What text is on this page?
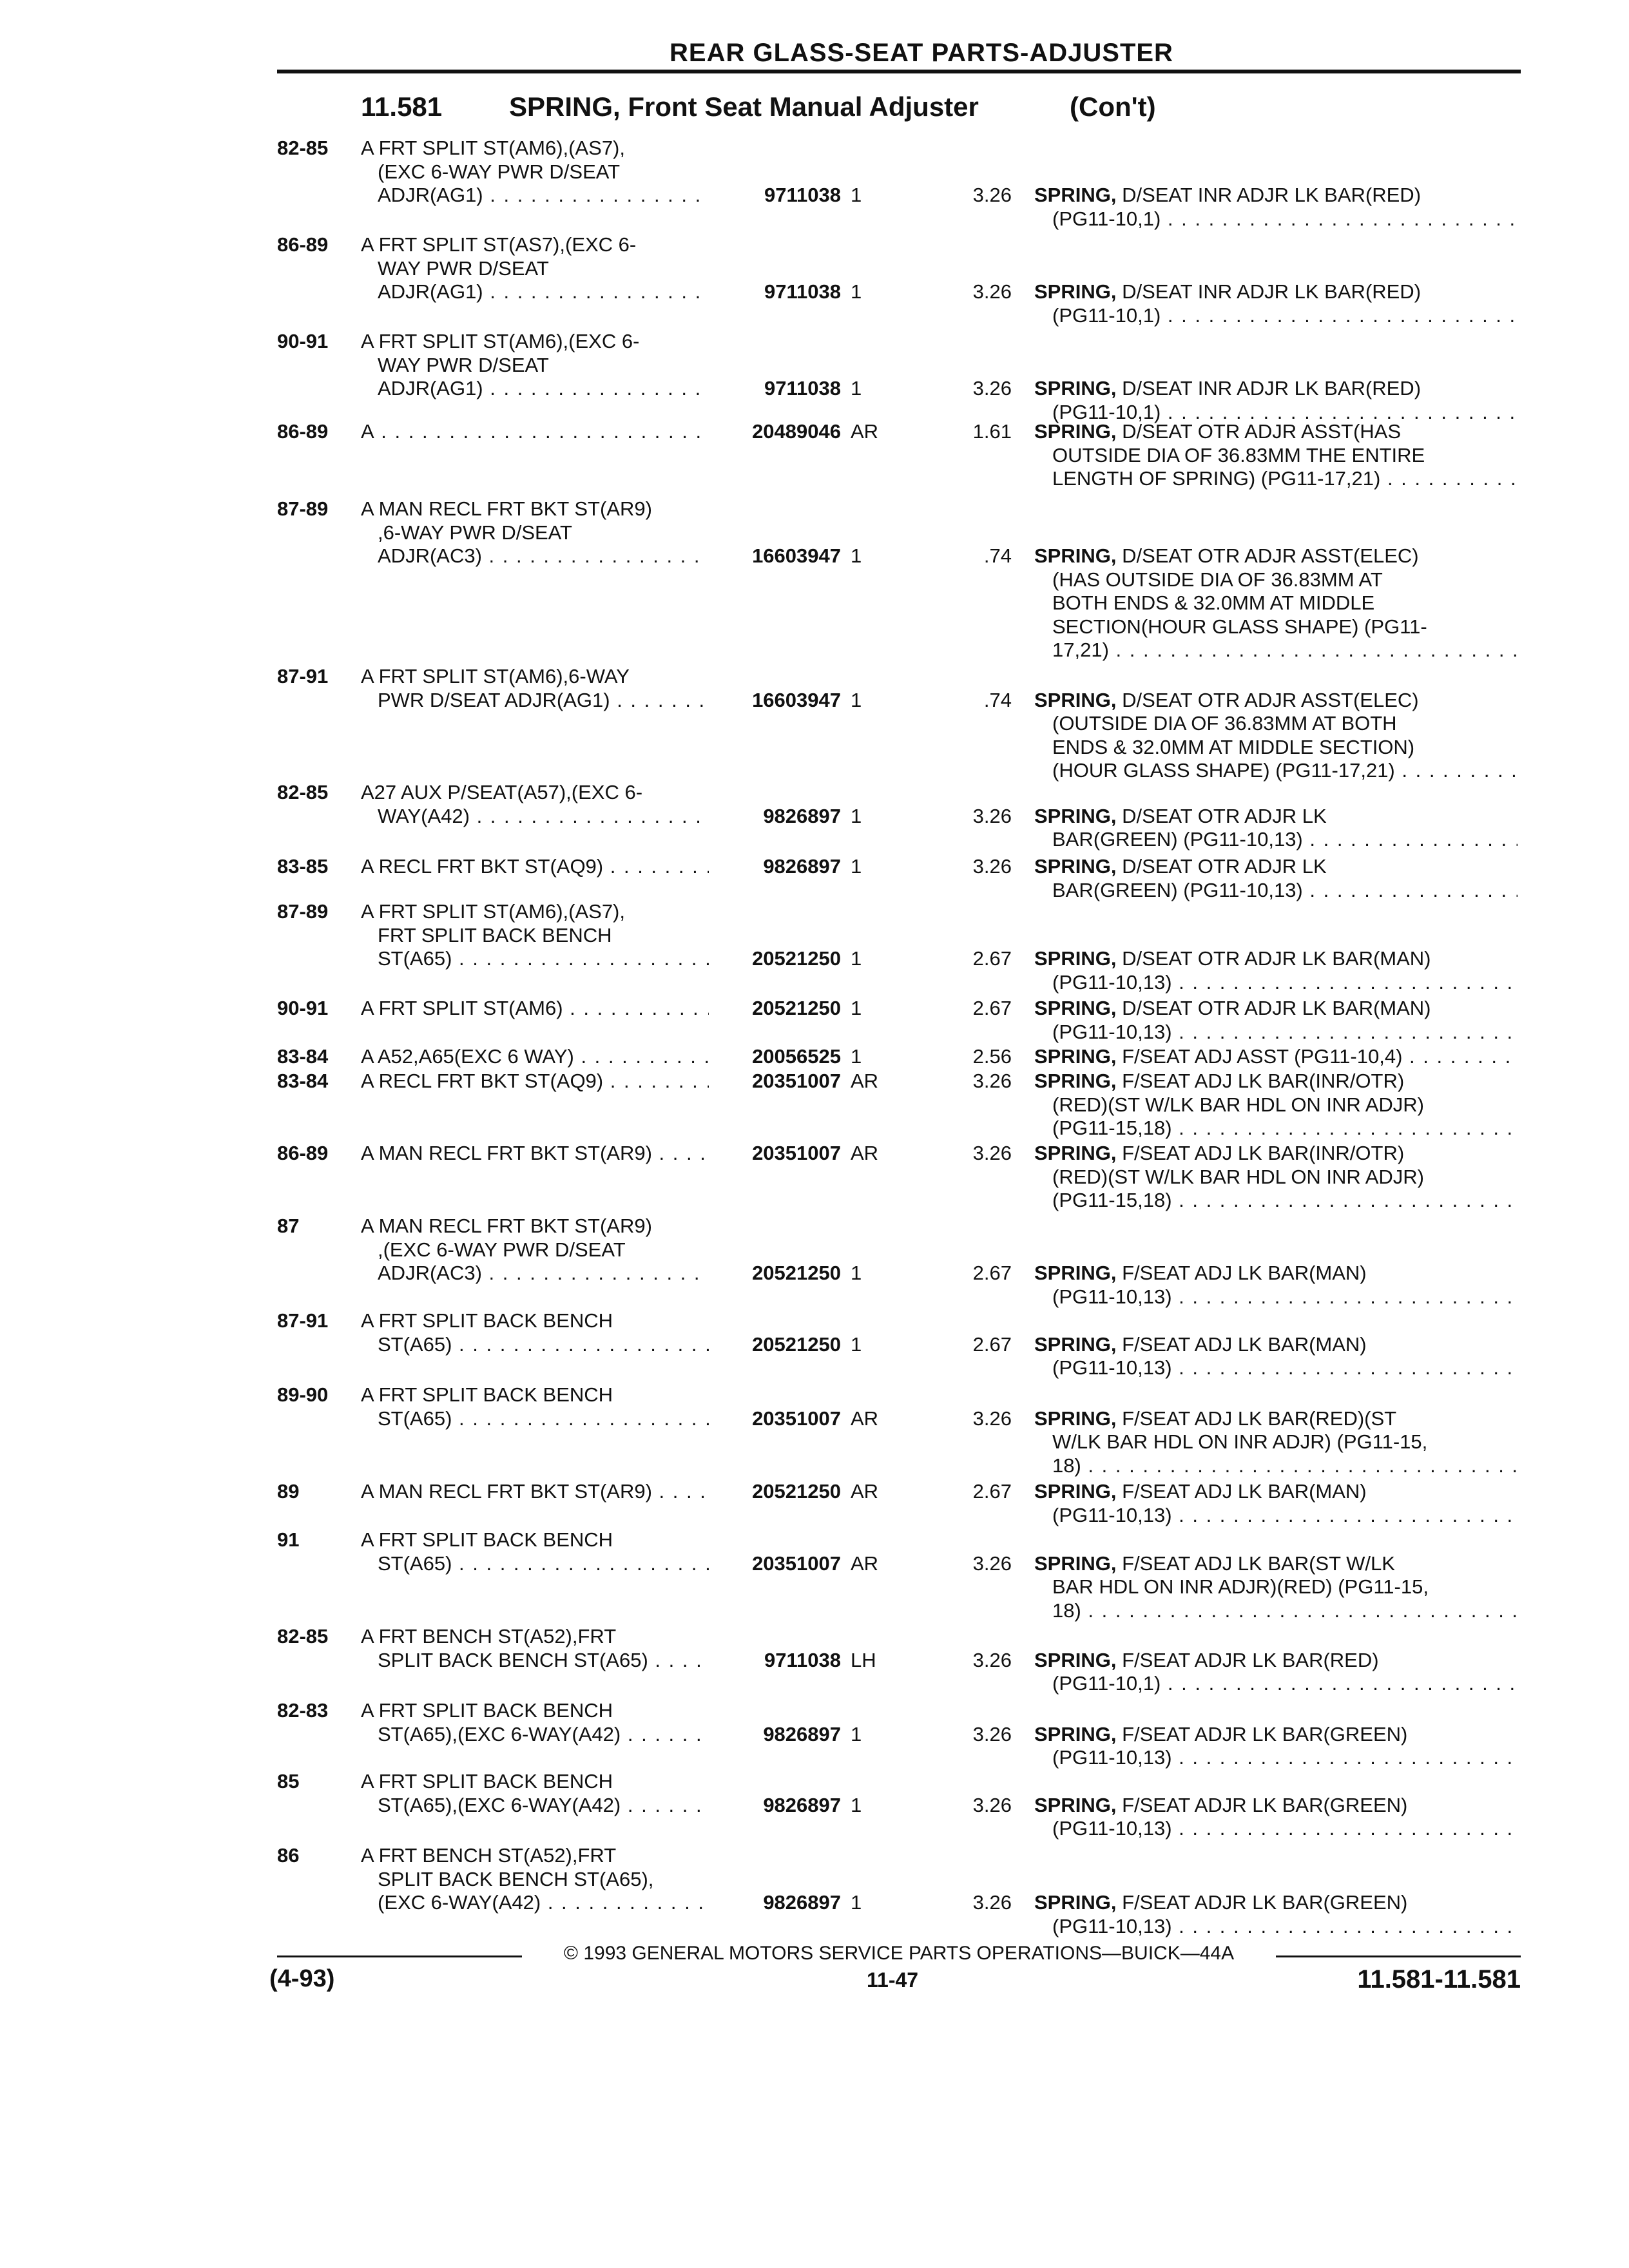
REAR GLASS-SEAT PARTS-ADJUSTER
11.581 SPRING, Front Seat Manual Adjuster	(Con't)
82-85 A FRT SPLIT ST(AM6),(AS7),
(EXC 6-WAY PWR D/SEAT
ADJR(AG1) . . .	9711038 1	3.26 SPRING, D/SEAT INR ADJR LK BAR(RED)
(PG11-10,1) . . .
86-89 A FRT SPLIT ST(AS7),(EXC 6-
WAY PWR D/SEAT
ADJR(AG1) . . .	9711038 1	3.26 SPRING, D/SEAT INR ADJR LK BAR(RED)
(PG11-10,1) . . .
90-91 A FRT SPLIT ST(AM6),(EXC 6-
WAY PWR D/SEAT
ADJR(AG1) . . .	9711038 1	3.26 SPRING, D/SEAT INR ADJR LK BAR(RED)
(PG11-10,1) . . .
86-89 A . . .	20489046 AR	1.61 SPRING, D/SEAT OTR ADJR ASST(HAS
OUTSIDE DIA OF 36.83MM THE ENTIRE
LENGTH OF SPRING) (PG11-17,21) . . .
87-89 A MAN RECL FRT BKT ST(AR9)
,6-WAY PWR D/SEAT
ADJR(AC3) . . .	16603947 1	.74 SPRING, D/SEAT OTR ADJR ASST(ELEC)
(HAS OUTSIDE DIA OF 36.83MM AT
BOTH ENDS & 32.0MM AT MIDDLE
SECTION(HOUR GLASS SHAPE) (PG11-
17,21) . . .
87-91 A FRT SPLIT ST(AM6),6-WAY
PWR D/SEAT ADJR(AG1) . . .	16603947 1	.74 SPRING, D/SEAT OTR ADJR ASST(ELEC)
(OUTSIDE DIA OF 36.83MM AT BOTH
ENDS & 32.0MM AT MIDDLE SECTION)
(HOUR GLASS SHAPE) (PG11-17,21) . . .
82-85 A27 AUX P/SEAT(A57),(EXC 6-
WAY(A42) . . .	9826897 1	3.26 SPRING, D/SEAT OTR ADJR LK
BAR(GREEN) (PG11-10,13) . . .
83-85 A RECL FRT BKT ST(AQ9) . . .	9826897 1	3.26 SPRING, D/SEAT OTR ADJR LK
BAR(GREEN) (PG11-10,13) . . .
87-89 A FRT SPLIT ST(AM6),(AS7),
FRT SPLIT BACK BENCH
ST(A65) . . .	20521250 1	2.67 SPRING, D/SEAT OTR ADJR LK BAR(MAN)
(PG11-10,13) . . .
90-91 A FRT SPLIT ST(AM6) . . .	20521250 1	2.67 SPRING, D/SEAT OTR ADJR LK BAR(MAN)
(PG11-10,13) . . .
83-84 A A52,A65(EXC 6 WAY) . . .	20056525 1	2.56 SPRING, F/SEAT ADJ ASST (PG11-10,4) . . .
83-84 A RECL FRT BKT ST(AQ9) . . .	20351007 AR	3.26 SPRING, F/SEAT ADJ LK BAR(INR/OTR)
(RED)(ST W/LK BAR HDL ON INR ADJR)
(PG11-15,18) . . .
86-89 A MAN RECL FRT BKT ST(AR9) . . .	20351007 AR	3.26 SPRING, F/SEAT ADJ LK BAR(INR/OTR)
(RED)(ST W/LK BAR HDL ON INR ADJR)
(PG11-15,18) . . .
87	A MAN RECL FRT BKT ST(AR9)
,(EXC 6-WAY PWR D/SEAT
ADJR(AC3) . . .	20521250 1	2.67 SPRING, F/SEAT ADJ LK BAR(MAN)
(PG11-10,13) . . .
87-91 A FRT SPLIT BACK BENCH
ST(A65) . . .	20521250 1	2.67 SPRING, F/SEAT ADJ LK BAR(MAN)
(PG11-10,13) . . .
89-90 A FRT SPLIT BACK BENCH
ST(A65) . . .	20351007 AR	3.26 SPRING, F/SEAT ADJ LK BAR(RED)(ST
W/LK BAR HDL ON INR ADJR) (PG11-15,
18) . . .
89	A MAN RECL FRT BKT ST(AR9) . . .	20521250 AR	2.67 SPRING, F/SEAT ADJ LK BAR(MAN)
(PG11-10,13) . . .
91	A FRT SPLIT BACK BENCH
ST(A65) . . .	20351007 AR	3.26 SPRING, F/SEAT ADJ LK BAR(ST W/LK
BAR HDL ON INR ADJR)(RED) (PG11-15,
18) . . .
82-85 A FRT BENCH ST(A52),FRT
SPLIT BACK BENCH ST(A65) . . .	9711038 LH	3.26 SPRING, F/SEAT ADJR LK BAR(RED)
(PG11-10,1) . . .
82-83 A FRT SPLIT BACK BENCH
ST(A65),(EXC 6-WAY(A42) . . .	9826897 1	3.26 SPRING, F/SEAT ADJR LK BAR(GREEN)
(PG11-10,13) . . .
85	A FRT SPLIT BACK BENCH
ST(A65),(EXC 6-WAY(A42) . . .	9826897 1	3.26 SPRING, F/SEAT ADJR LK BAR(GREEN)
(PG11-10,13) . . .
86	A FRT BENCH ST(A52),FRT
SPLIT BACK BENCH ST(A65),
(EXC 6-WAY(A42) . . .	9826897 1	3.26 SPRING, F/SEAT ADJR LK BAR(GREEN)
(PG11-10,13) . . .
© 1993 GENERAL MOTORS SERVICE PARTS OPERATIONS—BUICK—44A
(4-93)	11-47	11.581-11.581
